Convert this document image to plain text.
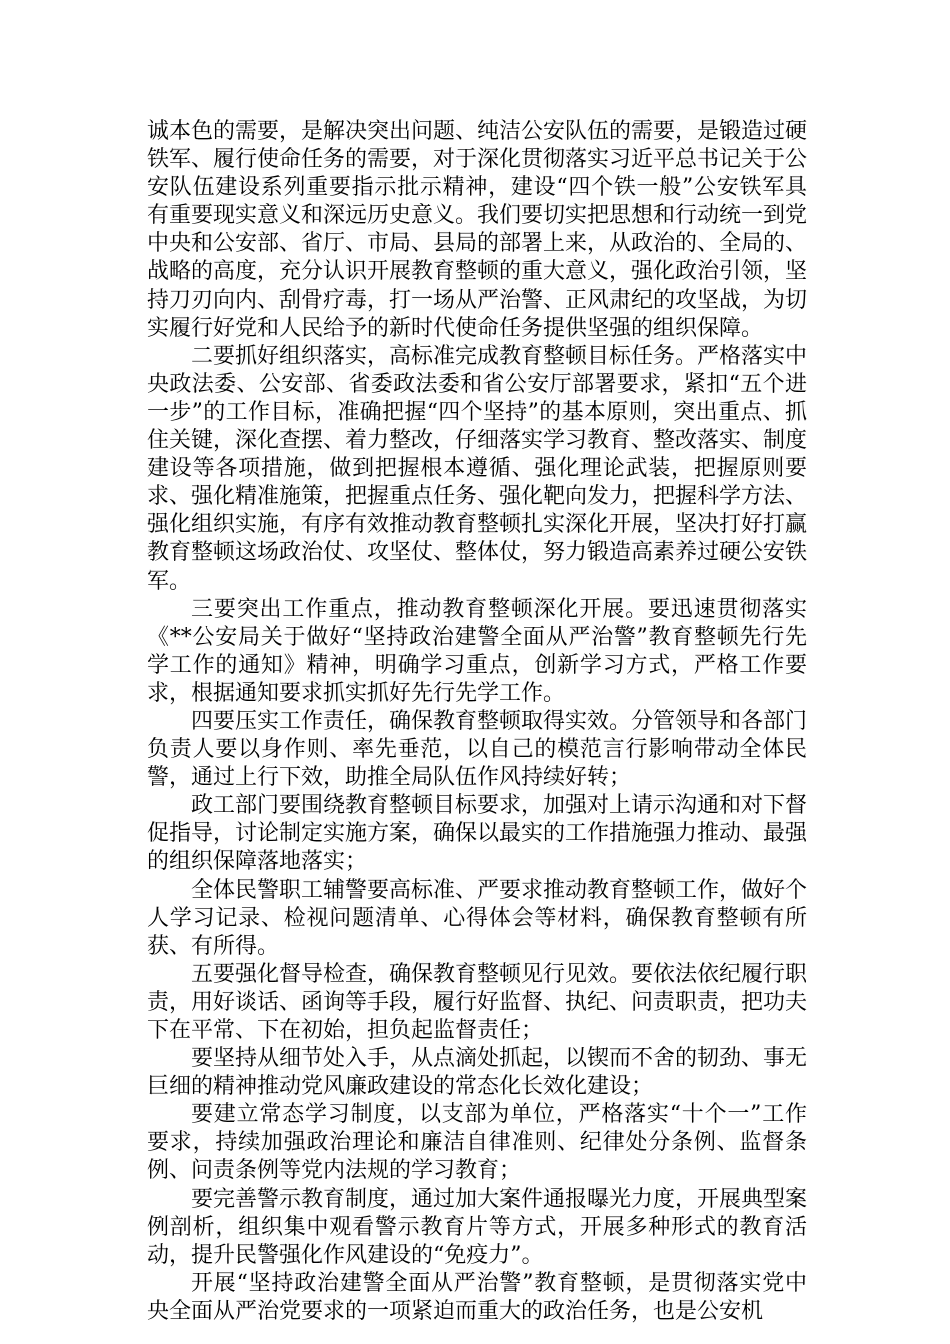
诚本色的需要，是解决突出问题、纯洁公安队伍的需要，是锻造过硬铁军、履行使命任务的需要，对于深化贯彻落实习近平总书记关于公安队伍建设系列重要指示批示精神，建设“四个铁一般”公安铁军具有重要现实意义和深远历史意义。我们要切实把思想和行动统一到党中央和公安部、省厅、市局、县局的部署上来，从政治的、全局的、战略的高度，充分认识开展教育整顿的重大意义，强化政治引领，坚持刀刃向内、刮骨疗毒，打一场从严治警、正风肃纪的攻坚战，为切实履行好党和人民给予的新时代使命任务提供坚强的组织保障。

二要抓好组织落实，高标准完成教育整顿目标任务。严格落实中央政法委、公安部、省委政法委和省公安厅部署要求，紧扣“五个进一步”的工作目标，准确把握“四个坚持”的基本原则，突出重点、抓住关键，深化查摆、着力整改，仔细落实学习教育、整改落实、制度建设等各项措施，做到把握根本遵循、强化理论武装，把握原则要求、强化精准施策，把握重点任务、强化靶向发力，把握科学方法、强化组织实施，有序有效推动教育整顿扎实深化开展，坚决打好打赢教育整顿这场政治仗、攻坚仗、整体仗，努力锻造高素养过硬公安铁军。

三要突出工作重点，推动教育整顿深化开展。要迅速贯彻落实《**公安局关于做好“坚持政治建警全面从严治警”教育整顿先行先学工作的通知》精神，明确学习重点，创新学习方式，严格工作要求，根据通知要求抓实抓好先行先学工作。

四要压实工作责任，确保教育整顿取得实效。分管领导和各部门负责人要以身作则、率先垂范，以自己的模范言行影响带动全体民警，通过上行下效，助推全局队伍作风持续好转；

政工部门要围绕教育整顿目标要求，加强对上请示沟通和对下督促指导，讨论制定实施方案，确保以最实的工作措施强力推动、最强的组织保障落地落实；

全体民警职工辅警要高标准、严要求推动教育整顿工作，做好个人学习记录、检视问题清单、心得体会等材料，确保教育整顿有所获、有所得。

五要强化督导检查，确保教育整顿见行见效。要依法依纪履行职责，用好谈话、函询等手段，履行好监督、执纪、问责职责，把功夫下在平常、下在初始，担负起监督责任；

要坚持从细节处入手，从点滴处抓起，以锲而不舍的韧劲、事无巨细的精神推动党风廉政建设的常态化长效化建设；

要建立常态学习制度，以支部为单位，严格落实“十个一”工作要求，持续加强政治理论和廉洁自律准则、纪律处分条例、监督条例、问责条例等党内法规的学习教育；

要完善警示教育制度，通过加大案件通报曝光力度，开展典型案例剖析，组织集中观看警示教育片等方式，开展多种形式的教育活动，提升民警强化作风建设的“免疫力”。

开展“坚持政治建警全面从严治警”教育整顿，是贯彻落实党中央全面从严治党要求的一项紧迫而重大的政治任务，也是公安机
